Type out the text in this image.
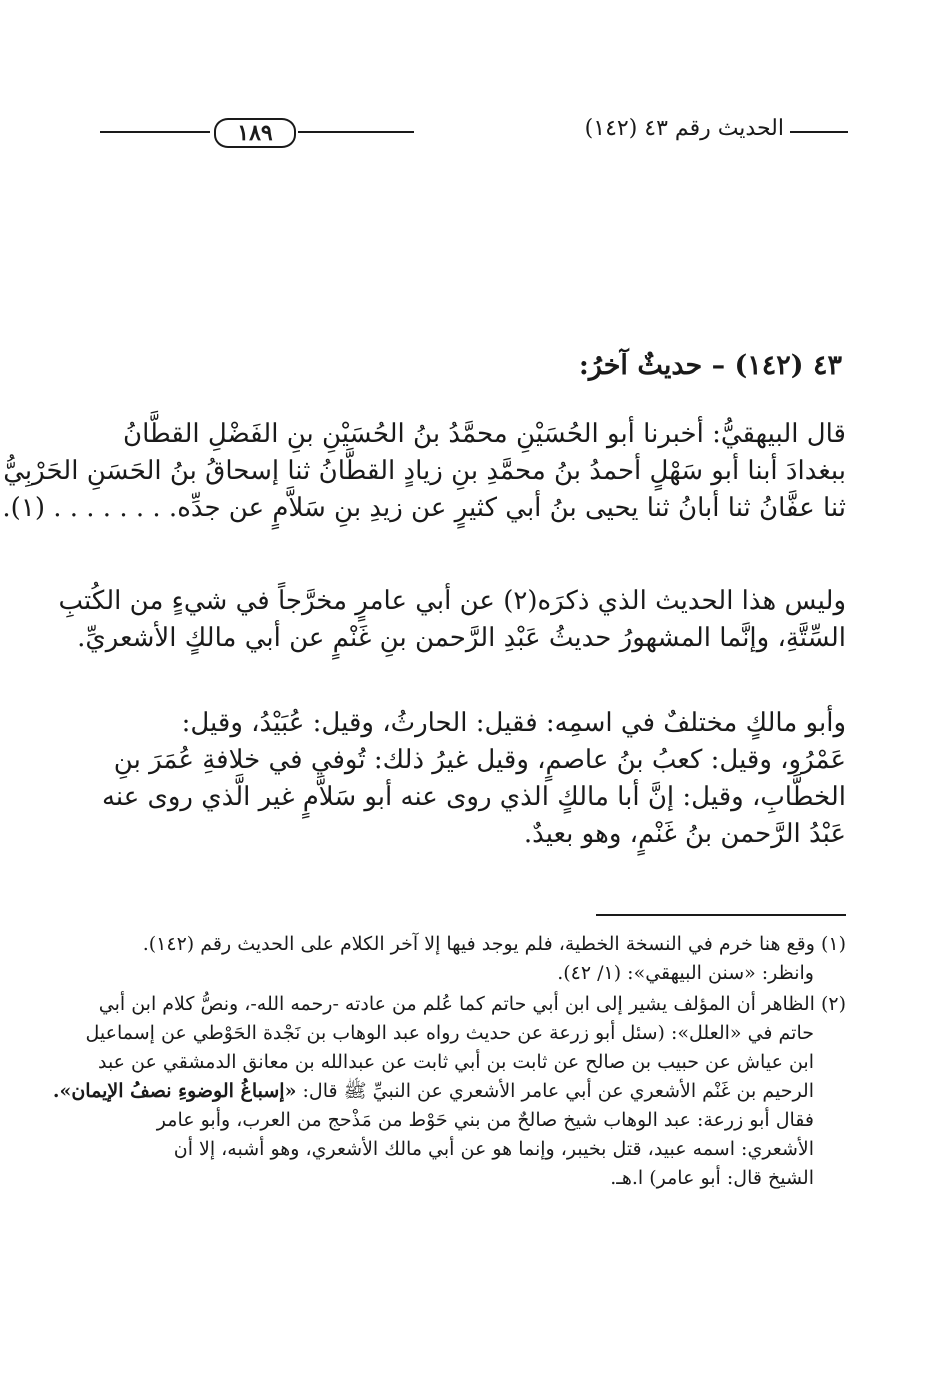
١٨٩	الحديث رقم ٤٣ (١٤٢)
٤٣ (١٤٢) – حديثٌ آخرُ:
قال البيهقيُّ: أخبرنا أبو الحُسَيْنِ محمَّدُ بنُ الحُسَيْنِ بنِ الفَضْلِ القطَّانُ
ببغدادَ أبنا أبو سَهْلٍ أحمدُ بنُ محمَّدِ بنِ زيادٍ القطَّانُ ثنا إسحاقُ بنُ الحَسَنِ الحَرْبِيُّ
ثنا عفَّانُ ثنا أبانُ ثنا يحيى بنُ أبي كثيرٍ عن زيدِ بنِ سَلاَّمٍ عن جدِّه. . . . . . . . (١).
وليس هذا الحديث الذي ذكرَه(٢) عن أبي عامرٍ مخرَّجاً في شيءٍ من الكُتبِ
السِّتَّةِ، وإنَّما المشهورُ حديثُ عَبْدِ الرَّحمن بنِ غَنْمٍ عن أبي مالكٍ الأشعريِّ.
وأبو مالكٍ مختلفٌ في اسمِه: فقيل: الحارثُ، وقيل: عُبَيْدُ، وقيل:
عَمْرُو، وقيل: كعبُ بنُ عاصمٍ، وقيل غيرُ ذلك: تُوفي في خلافةِ عُمَرَ بنِ
الخطَّابِ، وقيل: إنَّ أبا مالكٍ الذي روى عنه أبو سَلاَّمٍ غير الَّذي روى عنه
عَبْدُ الرَّحمن بنُ غَنْمٍ، وهو بعيدٌ.
(١) وقع هنا خرم في النسخة الخطية، فلم يوجد فيها إلا آخر الكلام على الحديث رقم (١٤٢).
وانظر: «سنن البيهقي»: (١/ ٤٢).
(٢) الظاهر أن المؤلف يشير إلى ابن أبي حاتم كما عُلم من عادته -رحمه الله-، ونصُّ كلام ابن أبي
حاتم في «العلل»: (سئل أبو زرعة عن حديث رواه عبد الوهاب بن نَجْدة الحَوْطي عن إسماعيل
ابن عياش عن حبيب بن صالح عن ثابت بن أبي ثابت عن عبدالله بن معانق الدمشقي عن عبد
الرحيم بن غَنْم الأشعري عن أبي عامر الأشعري عن النبيِّ ﷺ قال: «إسباغُ الوضوءِ نصفُ الإيمان».
فقال أبو زرعة: عبد الوهاب شيخ صالحٌ من بني حَوْط من مَذْحج من العرب، وأبو عامر
الأشعري: اسمه عبيد، قتل بخيبر، وإنما هو عن أبي مالك الأشعري، وهو أشبه، إلا أن
الشيخ قال: أبو عامر) ا.هـ.
